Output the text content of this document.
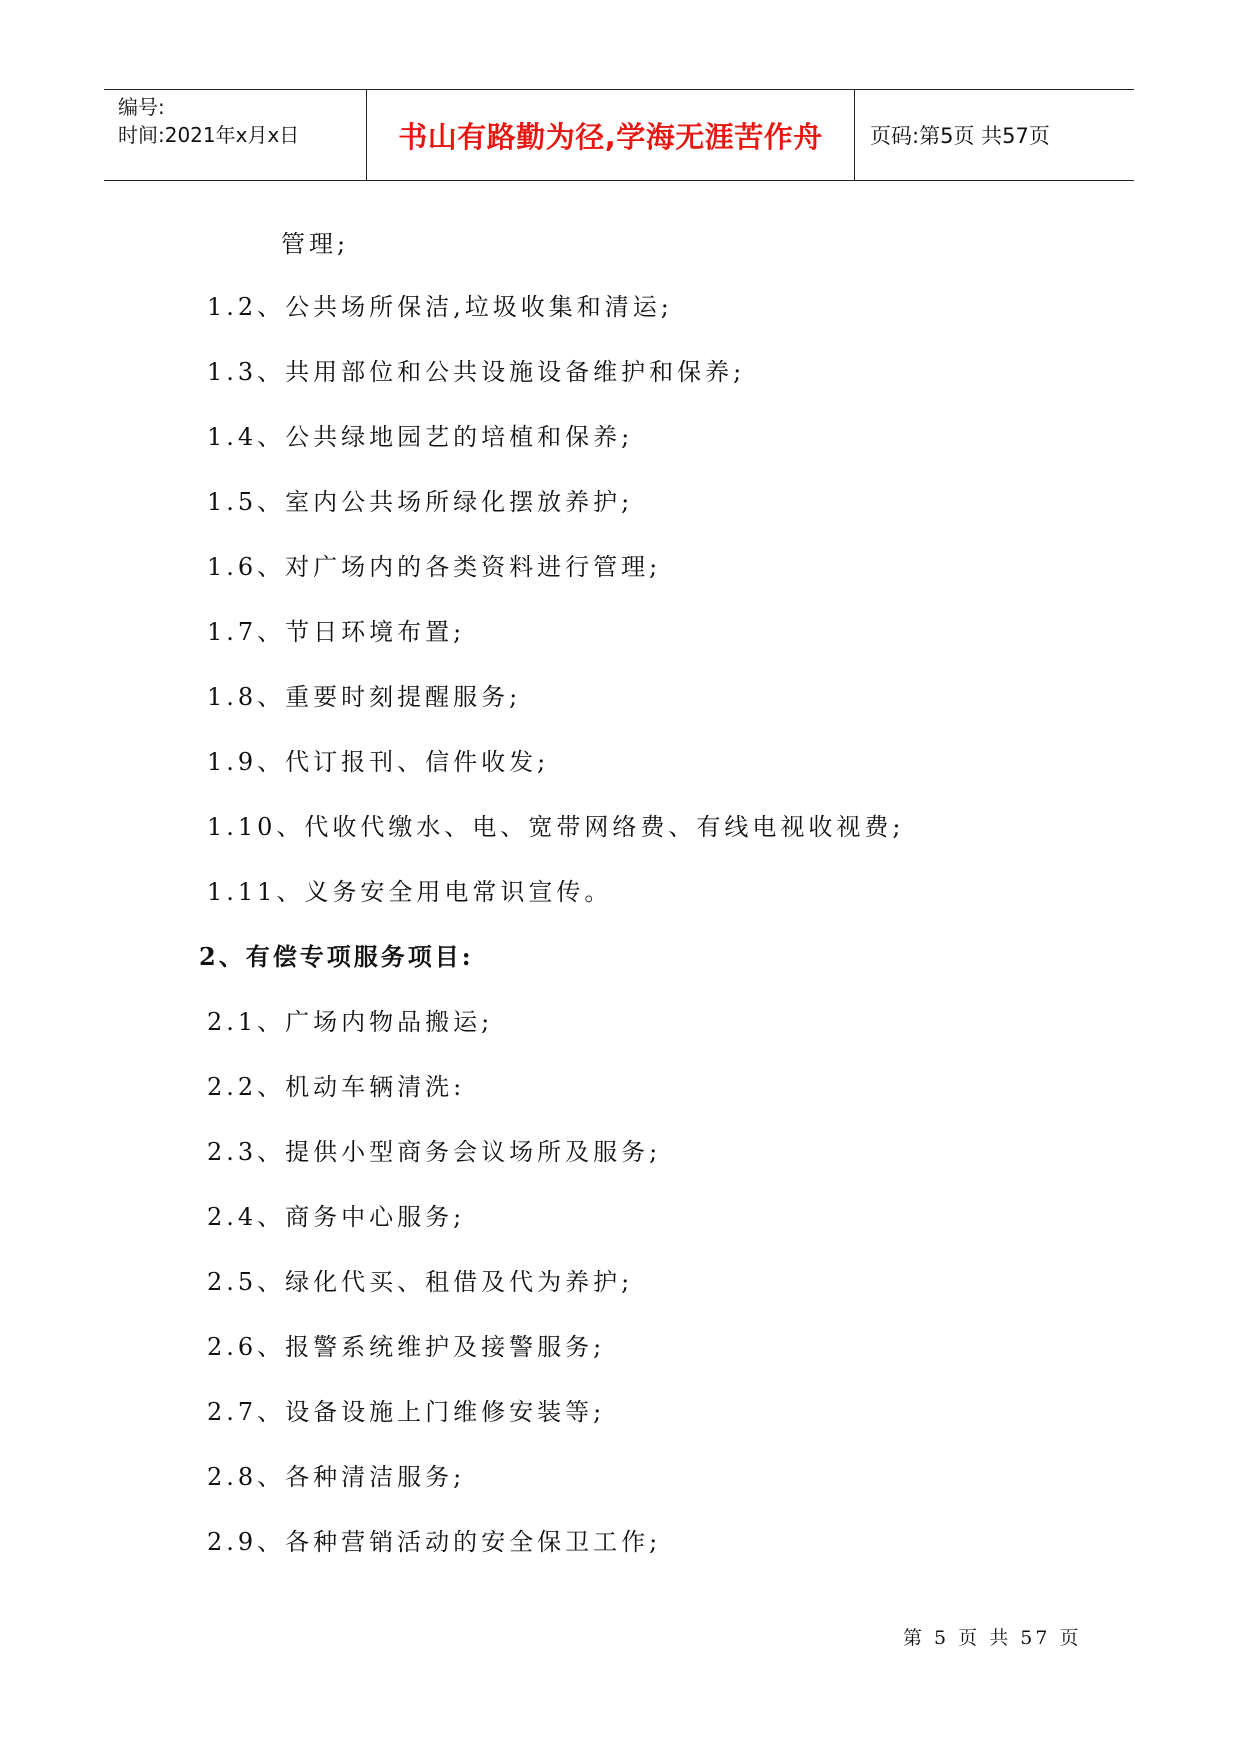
编号:
时间:2021年x月x日	书山有路勤为径,学海无涯苦作舟	页码:第5页 共57页
管理;
1.2、公共场所保洁,垃圾收集和清运;
1.3、共用部位和公共设施设备维护和保养;
1.4、公共绿地园艺的培植和保养;
1.5、室内公共场所绿化摆放养护;
1.6、对广场内的各类资料进行管理;
1.7、节日环境布置;
1.8、重要时刻提醒服务;
1.9、代订报刊、信件收发;
1.10、代收代缴水、电、宽带网络费、有线电视收视费;
1.11、义务安全用电常识宣传。
2、有偿专项服务项目:
2.1、广场内物品搬运;
2.2、机动车辆清洗:
2.3、提供小型商务会议场所及服务;
2.4、商务中心服务;
2.5、绿化代买、租借及代为养护;
2.6、报警系统维护及接警服务;
2.7、设备设施上门维修安装等;
2.8、各种清洁服务;
2.9、各种营销活动的安全保卫工作;
第 5 页 共 57 页
